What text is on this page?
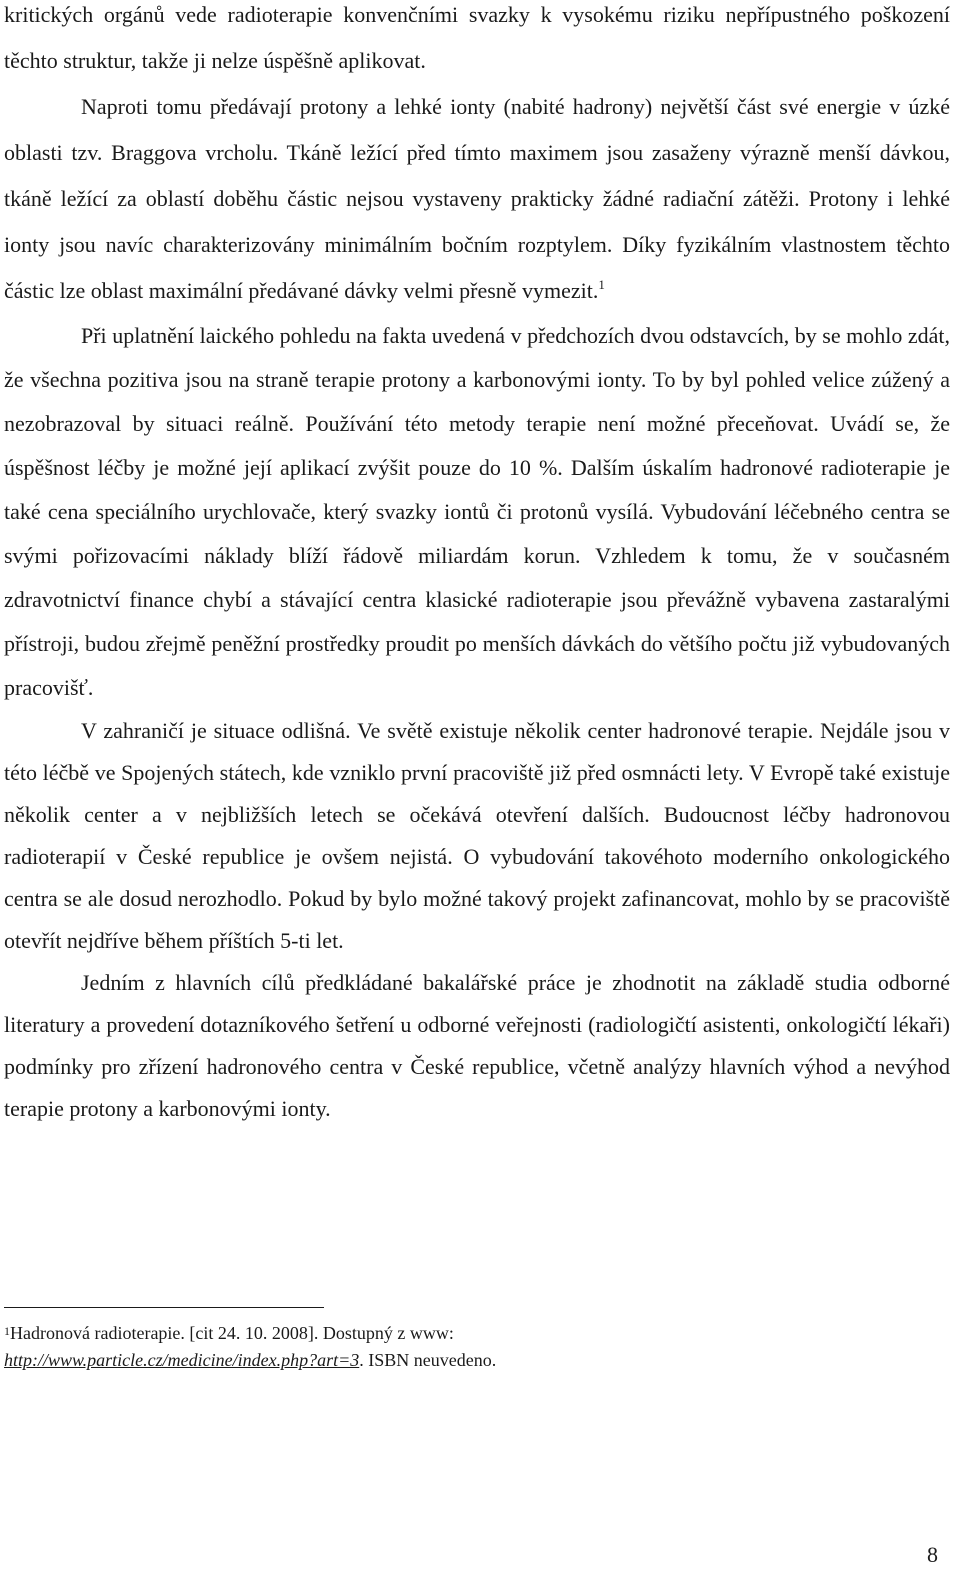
kritických orgánů vede radioterapie konvenčními svazky k vysokému riziku nepřípustného poškození těchto struktur, takže ji nelze úspěšně aplikovat.

Naproti tomu předávají protony a lehké ionty (nabité hadrony) největší část své energie v úzké oblasti tzv. Braggova vrcholu. Tkáně ležící před tímto maximem jsou zasaženy výrazně menší dávkou, tkáně ležící za oblastí doběhu částic nejsou vystaveny prakticky žádné radiační zátěži. Protony i lehké ionty jsou navíc charakterizovány minimálním bočním rozptylem. Díky fyzikálním vlastnostem těchto částic lze oblast maximální předávané dávky velmi přesně vymezit.$^1$

Při uplatnění laického pohledu na fakta uvedená v předchozích dvou odstavcích, by se mohlo zdát, že všechna pozitiva jsou na straně terapie protony a karbonovými ionty. To by byl pohled velice zúžený a nezobrazoval by situaci reálně. Používání této metody terapie není možné přeceňovat. Uvádí se, že úspěšnost léčby je možné její aplikací zvýšit pouze do 10 %. Dalším úskalím hadronové radioterapie je také cena speciálního urychlovače, který svazky iontů či protonů vysílá. Vybudování léčebného centra se svými pořizovacími náklady blíží řádově miliardám korun. Vzhledem k tomu, že v současném zdravotnictví finance chybí a stávající centra klasické radioterapie jsou převážně vybavena zastaralými přístroji, budou zřejmě peněžní prostředky proudit po menších dávkách do většího počtu již vybudovaných pracovišť.

V zahraničí je situace odlišná. Ve světě existuje několik center hadronové terapie. Nejdále jsou v této léčbě ve Spojených státech, kde vzniklo první pracoviště již před osmnácti lety. V Evropě také existuje několik center a v nejbližších letech se očekává otevření dalších. Budoucnost léčby hadronovou radioterapií v České republice je ovšem nejistá. O vybudování takovéhoto moderního onkologického centra se ale dosud nerozhodlo. Pokud by bylo možné takový projekt zafinancovat, mohlo by se pracoviště otevřít nejdříve během příštích 5-ti let.

Jedním z hlavních cílů předkládané bakalářské práce je zhodnotit na základě studia odborné literatury a provedení dotazníkového šetření u odborné veřejnosti (radiologičtí asistenti, onkologičtí lékaři) podmínky pro zřízení hadronového centra v České republice, včetně analýzy hlavních výhod a nevýhod terapie protony a karbonovými ionty.

$^1$Hadronová radioterapie. [cit 24. 10. 2008]. Dostupný z www:
http://www.particle.cz/medicine/index.php?art=3. ISBN neuvedeno.
8
